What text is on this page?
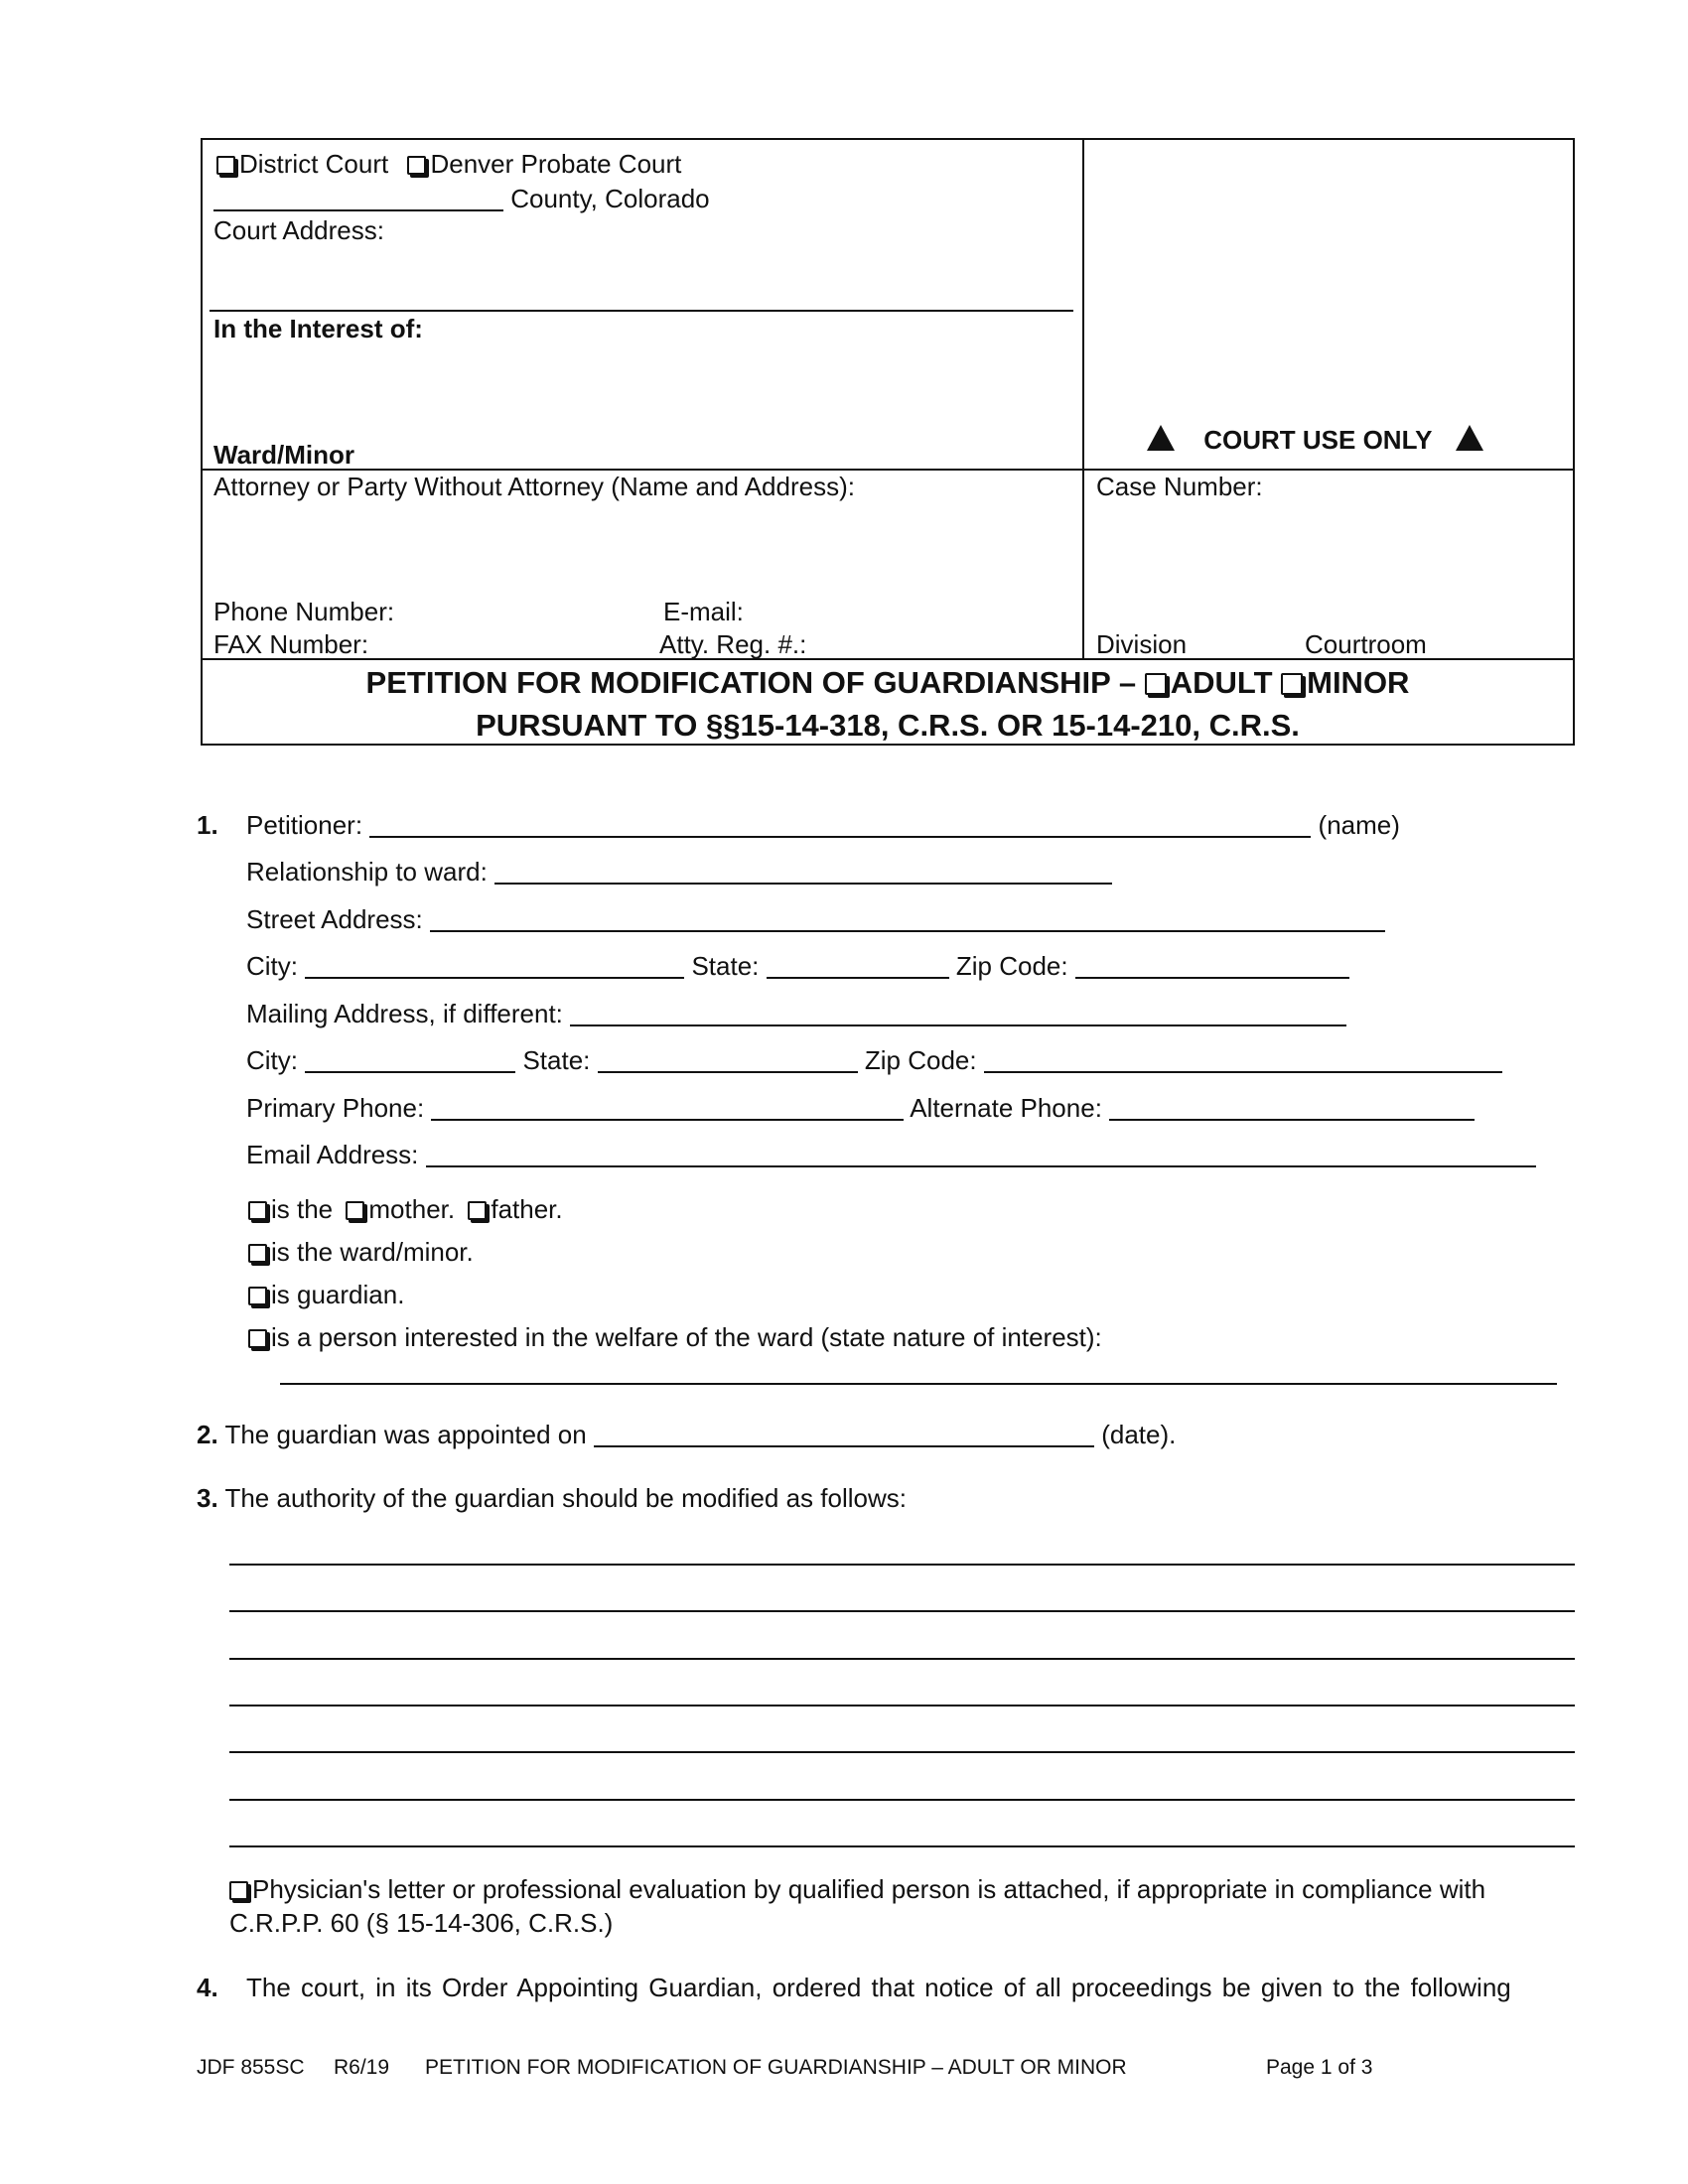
District Court Denver Probate Court
County, Colorado
Court Address:
In the Interest of:
Ward/Minor	COURT USE ONLY
Attorney or Party Without Attorney (Name and Address):
Phone Number:	E-mail:
FAX Number:	Atty. Reg. #.:
Case Number:
Division	Courtroom
PETITION FOR MODIFICATION OF GUARDIANSHIP – ADULT MINOR
PURSUANT TO §§15-14-318, C.R.S. OR 15-14-210, C.R.S.
1. Petitioner:	(name)
Relationship to ward:
Street Address:
City:	State:	Zip Code:
Mailing Address, if different:
City:	State:	Zip Code:
Primary Phone:	Alternate Phone:
Email Address:
is the mother. father.
is the ward/minor.
is guardian.
is a person interested in the welfare of the ward (state nature of interest):
2. The guardian was appointed on	(date).
3. The authority of the guardian should be modified as follows:
Physician's letter or professional evaluation by qualified person is attached, if appropriate in compliance with
C.R.P.P. 60 (§ 15-14-306, C.R.S.)
4. The court, in its Order Appointing Guardian, ordered that notice of all proceedings be given to the following
JDF 855SC R6/19 PETITION FOR MODIFICATION OF GUARDIANSHIP – ADULT OR MINOR	Page 1 of 3
